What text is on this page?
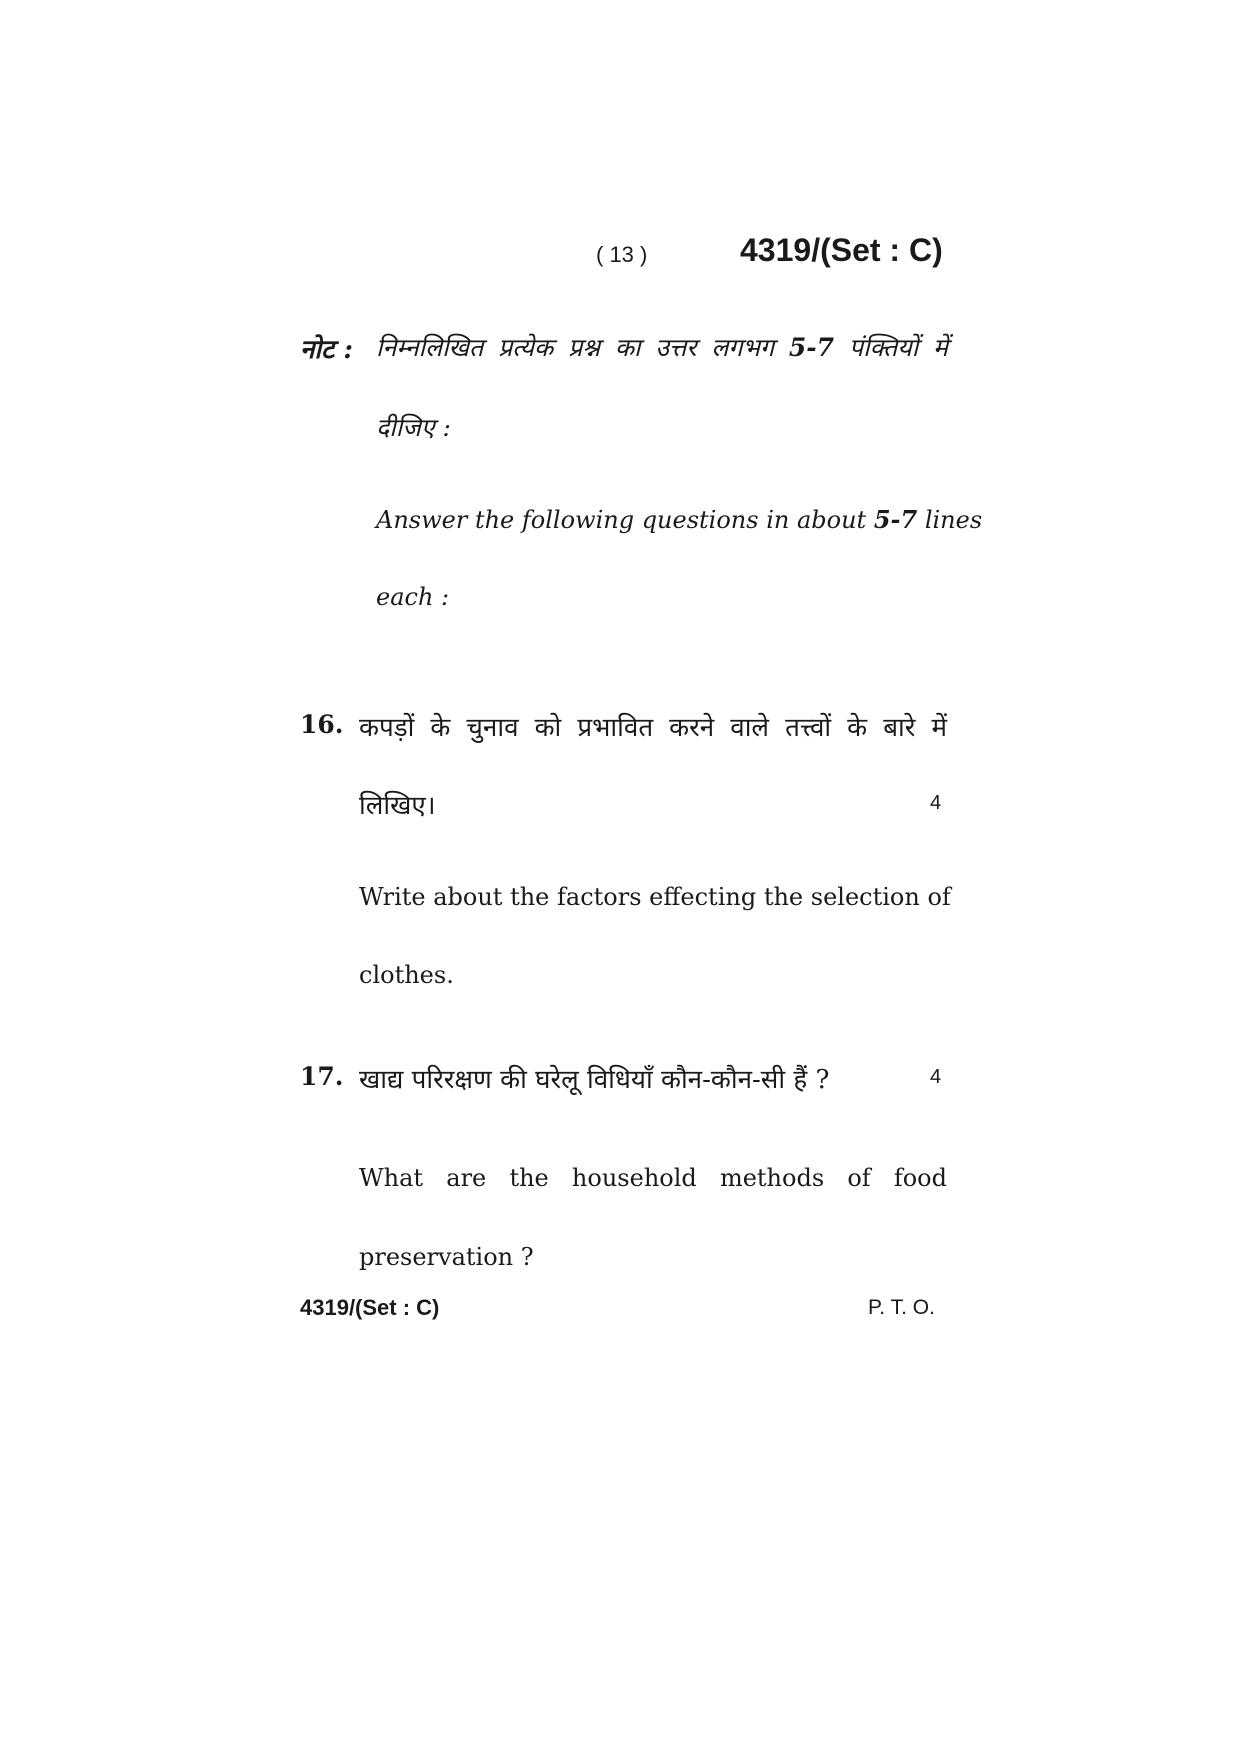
( 13 )	4319/(Set : C)
नोट : निम्नलिखित प्रत्येक प्रश्न का उत्तर लगभग 5-7 पंक्तियों में
दीजिए :
Answer the following questions in about 5-7 lines
each :
16. कपड़ों के चुनाव को प्रभावित करने वाले तत्त्वों के बारे में
लिखिए।	4
Write about the factors effecting the selection of
clothes.
17. खाद्य परिरक्षण की घरेलू विधियाँ कौन-कौन-सी हैं ?	4
What are the household methods of food
preservation ?
4319/(Set : C)	P. T. O.
